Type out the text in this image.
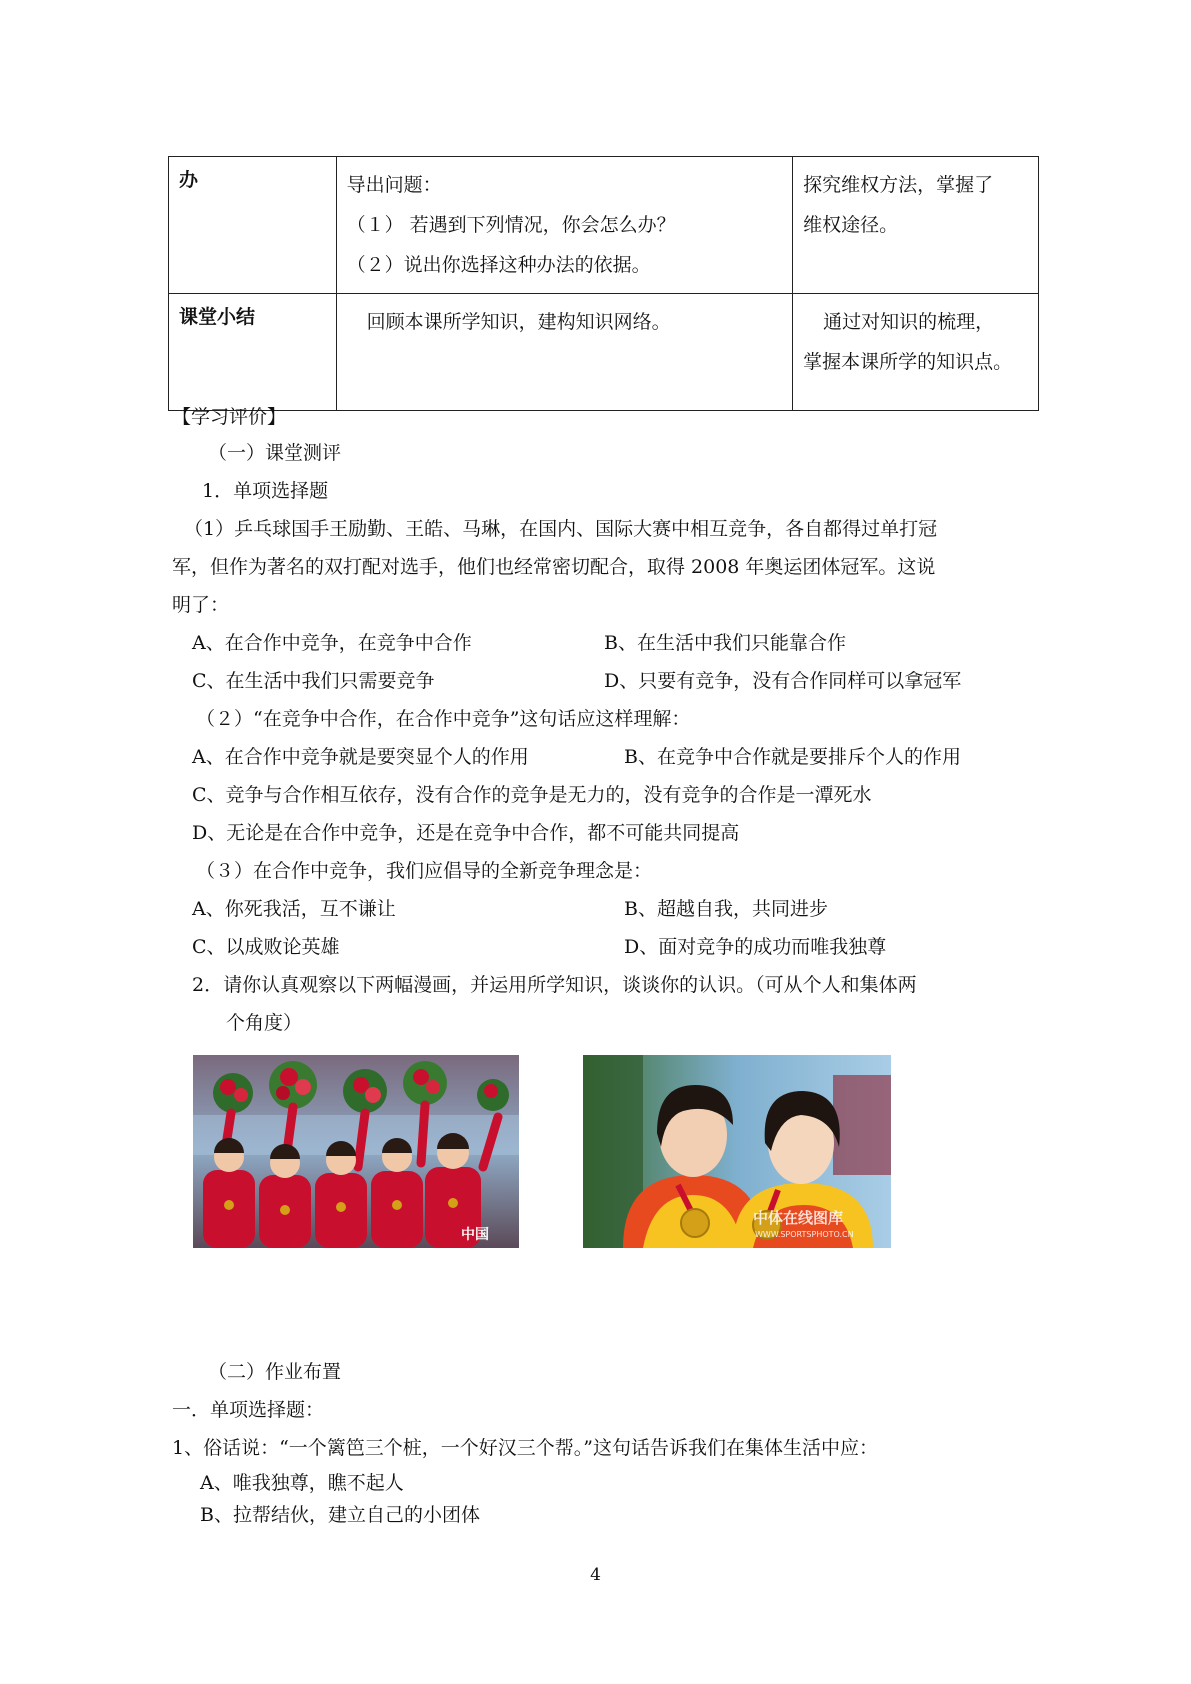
办	导出问题：
（１） 若遇到下列情况，你会怎么办？
（２）说出你选择这种办法的依据。	探究维权方法，掌握了
维权途径。

课堂小结	回顾本课所学知识，建构知识网络。	通过对知识的梳理，
掌握本课所学的知识点。
【学习评价】
（一）课堂测评
1．单项选择题
（1）乒乓球国手王励勤、王皓、马琳，在国内、国际大赛中相互竞争，各自都得过单打冠
军，但作为著名的双打配对选手，他们也经常密切配合，取得 2008 年奥运团体冠军。这说
明了：
A、在合作中竞争，在竞争中合作	B、在生活中我们只能靠合作
C、在生活中我们只需要竞争	D、只要有竞争，没有合作同样可以拿冠军
（２）“在竞争中合作，在合作中竞争”这句话应这样理解：
A、在合作中竞争就是要突显个人的作用	B、在竞争中合作就是要排斥个人的作用
C、竞争与合作相互依存，没有合作的竞争是无力的，没有竞争的合作是一潭死水
D、无论是在合作中竞争，还是在竞争中合作，都不可能共同提高
（３）在合作中竞争，我们应倡导的全新竞争理念是：
A、你死我活，互不谦让	B、超越自我，共同进步
C、以成败论英雄	D、面对竞争的成功而唯我独尊
2．请你认真观察以下两幅漫画，并运用所学知识，谈谈你的认识。（可从个人和集体两
个角度）
中国
中体在线图库
WWW.SPORTSPHOTO.CN
（二）作业布置
一．单项选择题：
1、俗话说：“一个篱笆三个桩，一个好汉三个帮。”这句话告诉我们在集体生活中应：
A、唯我独尊，瞧不起人
B、拉帮结伙，建立自己的小团体
4
